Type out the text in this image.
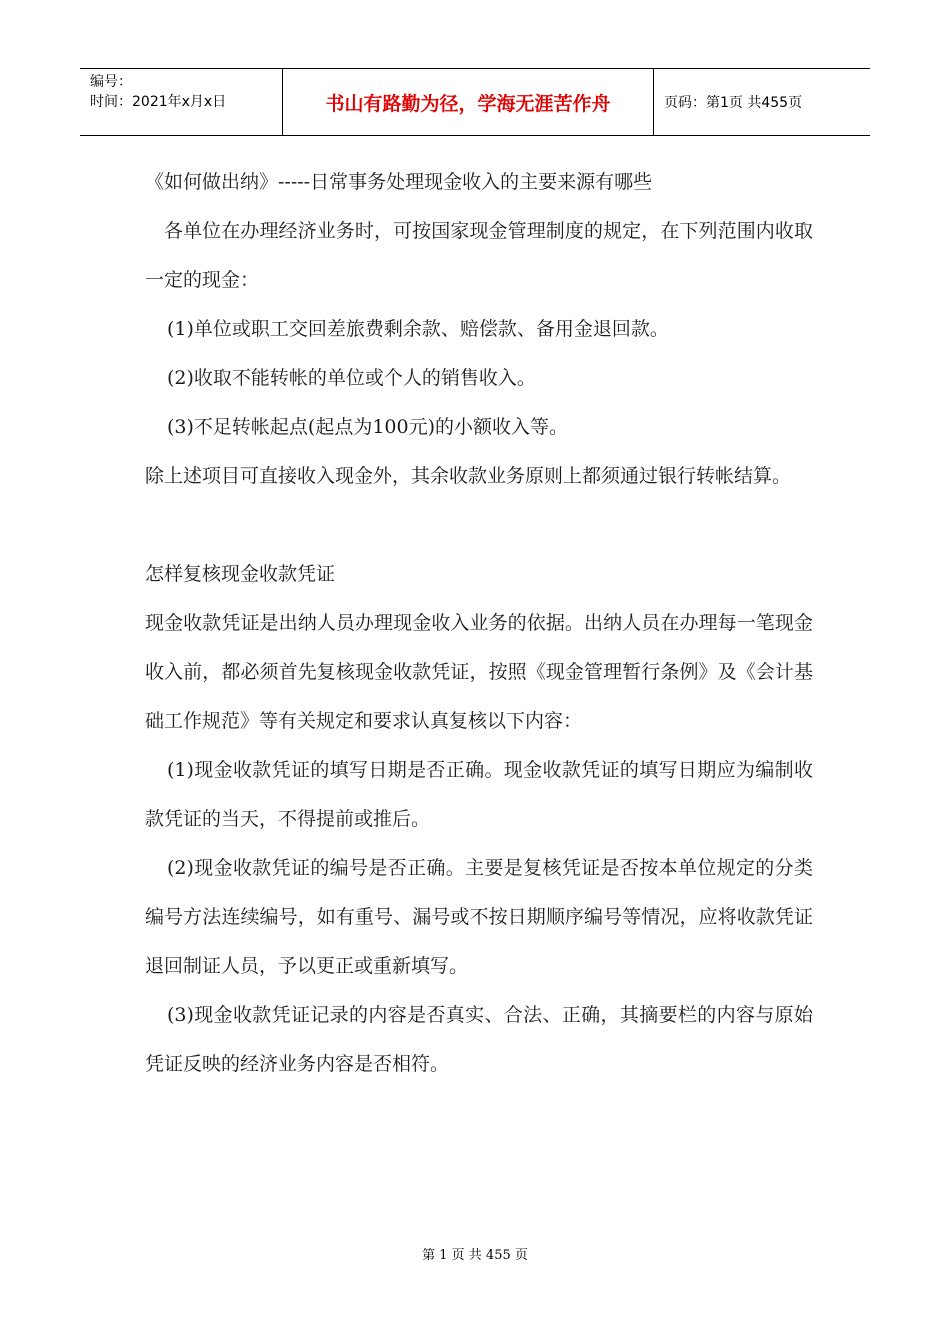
编号：
时间：2021年x月x日	书山有路勤为径，学海无涯苦作舟	页码：第1页 共455页

《如何做出纳》-----日常事务处理现金收入的主要来源有哪些

各单位在办理经济业务时，可按国家现金管理制度的规定，在下列范围内收取一定的现金：

(1)单位或职工交回差旅费剩余款、赔偿款、备用金退回款。

(2)收取不能转帐的单位或个人的销售收入。

(3)不足转帐起点(起点为100元)的小额收入等。

除上述项目可直接收入现金外，其余收款业务原则上都须通过银行转帐结算。

怎样复核现金收款凭证

现金收款凭证是出纳人员办理现金收入业务的依据。出纳人员在办理每一笔现金收入前，都必须首先复核现金收款凭证，按照《现金管理暂行条例》及《会计基础工作规范》等有关规定和要求认真复核以下内容：

(1)现金收款凭证的填写日期是否正确。现金收款凭证的填写日期应为编制收款凭证的当天，不得提前或推后。

(2)现金收款凭证的编号是否正确。主要是复核凭证是否按本单位规定的分类编号方法连续编号，如有重号、漏号或不按日期顺序编号等情况，应将收款凭证退回制证人员，予以更正或重新填写。

(3)现金收款凭证记录的内容是否真实、合法、正确，其摘要栏的内容与原始凭证反映的经济业务内容是否相符。

第 1 页 共 455 页
